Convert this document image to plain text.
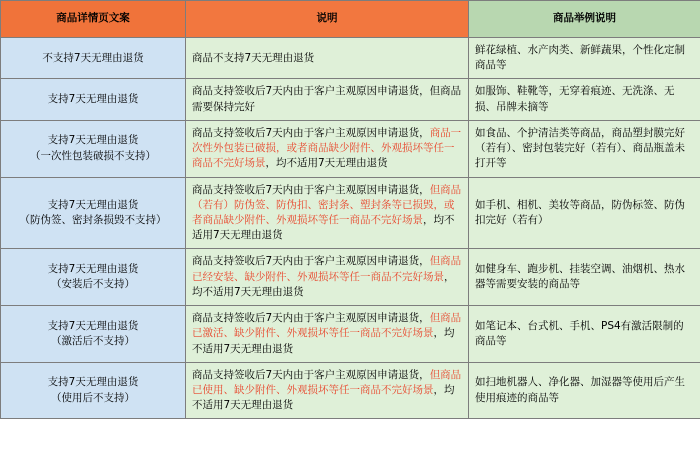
商品详情页文案	说明	商品举例说明

不支持7天无理由退货	商品不支持7天无理由退货	鲜花绿植、水产肉类、新鲜蔬果，个性化定制商品等

支持7天无理由退货	商品支持签收后7天内由于客户主观原因申请退货，但商品需要保持完好	如服饰、鞋靴等，无穿着痕迹、无洗涤、无损、吊牌未摘等

支持7天无理由退货
（一次性包装破损不支持）	商品支持签收后7天内由于客户主观原因申请退货，商品一次性外包装已破损，或者商品缺少附件、外观损坏等任一商品不完好场景，均不适用7天无理由退货	如食品、个护清洁类等商品，商品塑封膜完好（若有）、密封包装完好（若有）、商品瓶盖未打开等

支持7天无理由退货
（防伪签、密封条损毁不支持）	商品支持签收后7天内由于客户主观原因申请退货，但商品（若有）防伪签、防伪扣、密封条、塑封条等已损毁，或者商品缺少附件、外观损坏等任一商品不完好场景，均不适用7天无理由退货	如手机、相机、美妆等商品，防伪标签、防伪扣完好（若有）

支持7天无理由退货
（安装后不支持）	商品支持签收后7天内由于客户主观原因申请退货，但商品已经安装、缺少附件、外观损坏等任一商品不完好场景，均不适用7天无理由退货	如健身车、跑步机、挂装空调、油烟机、热水器等需要安装的商品等

支持7天无理由退货
（激活后不支持）	商品支持签收后7天内由于客户主观原因申请退货，但商品已激活、缺少附件、外观损坏等任一商品不完好场景，均不适用7天无理由退货	如笔记本、台式机、手机、PS4有激活限制的商品等

支持7天无理由退货
（使用后不支持）	商品支持签收后7天内由于客户主观原因申请退货，但商品已使用、缺少附件、外观损坏等任一商品不完好场景，均不适用7天无理由退货	如扫地机器人、净化器、加湿器等使用后产生使用痕迹的商品等
